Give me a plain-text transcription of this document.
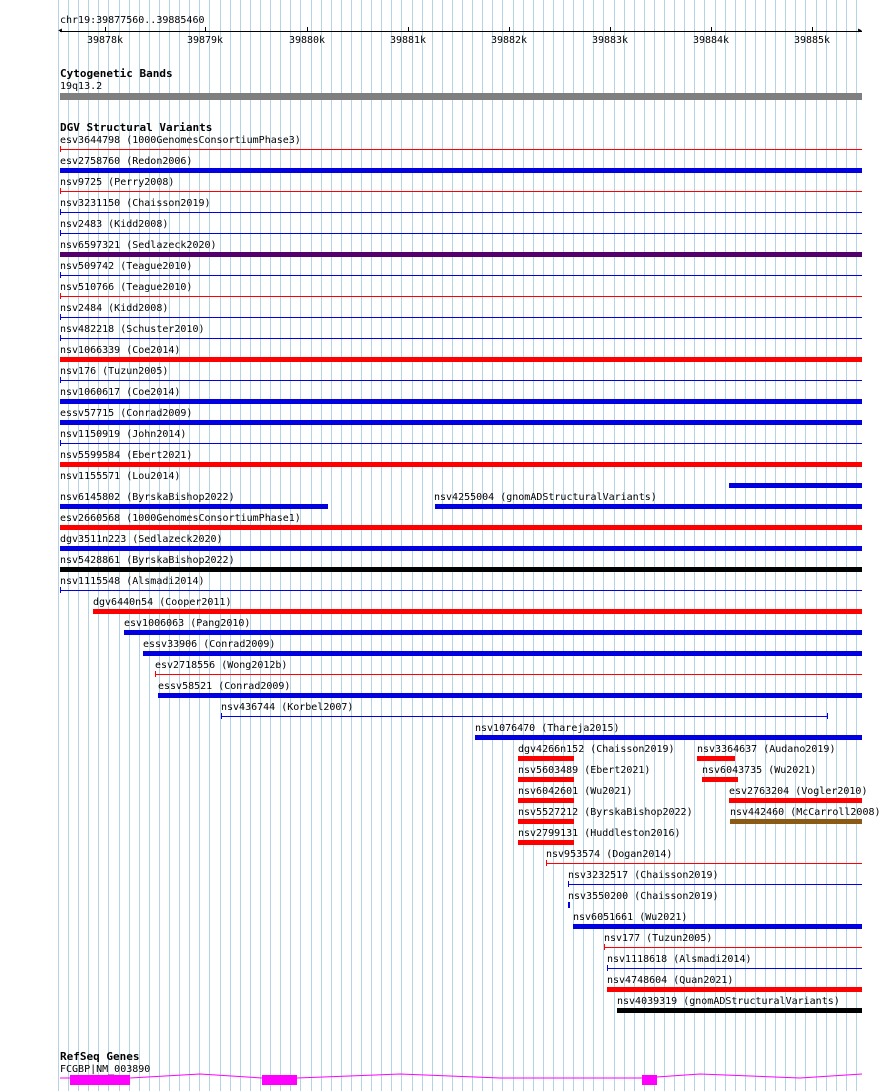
chr19:39877560..39885460
◂	▸
39878k	39879k	39880k	39881k	39882k	39883k	39884k	39885k
Cytogenetic Bands
19q13.2
DGV Structural Variants
esv3644798 (1000GenomesConsortiumPhase3)
esv2758760 (Redon2006)
nsv9725 (Perry2008)
nsv3231150 (Chaisson2019)
nsv2483 (Kidd2008)
nsv6597321 (Sedlazeck2020)
nsv509742 (Teague2010)
nsv510766 (Teague2010)
nsv2484 (Kidd2008)
nsv482218 (Schuster2010)
nsv1066339 (Coe2014)
nsv176 (Tuzun2005)
nsv1060617 (Coe2014)
essv57715 (Conrad2009)
nsv1150919 (John2014)
nsv5599584 (Ebert2021)
nsv1155571 (Lou2014)
nsv6145802 (ByrskaBishop2022)	nsv4255004 (gnomADStructuralVariants)
esv2660568 (1000GenomesConsortiumPhase1)
dgv3511n223 (Sedlazeck2020)
nsv5428861 (ByrskaBishop2022)
nsv1115548 (Alsmadi2014)
dgv6440n54 (Cooper2011)
esv1006063 (Pang2010)
essv33906 (Conrad2009)
esv2718556 (Wong2012b)
essv58521 (Conrad2009)
nsv436744 (Korbel2007)
nsv1076470 (Thareja2015)
dgv4266n152 (Chaisson2019) nsv3364637 (Audano2019)
nsv5603489 (Ebert2021)	nsv6043735 (Wu2021)
nsv6042601 (Wu2021)	esv2763204 (Vogler2010)
nsv5527212 (ByrskaBishop2022)	nsv442460 (McCarroll2008)
nsv2799131 (Huddleston2016)
nsv953574 (Dogan2014)
nsv3232517 (Chaisson2019)
nsv3550200 (Chaisson2019)
nsv6051661 (Wu2021)
nsv177 (Tuzun2005)
nsv1118618 (Alsmadi2014)
nsv4748604 (Quan2021)
nsv4039319 (gnomADStructuralVariants)
RefSeq Genes
FCGBP|NM_003890
